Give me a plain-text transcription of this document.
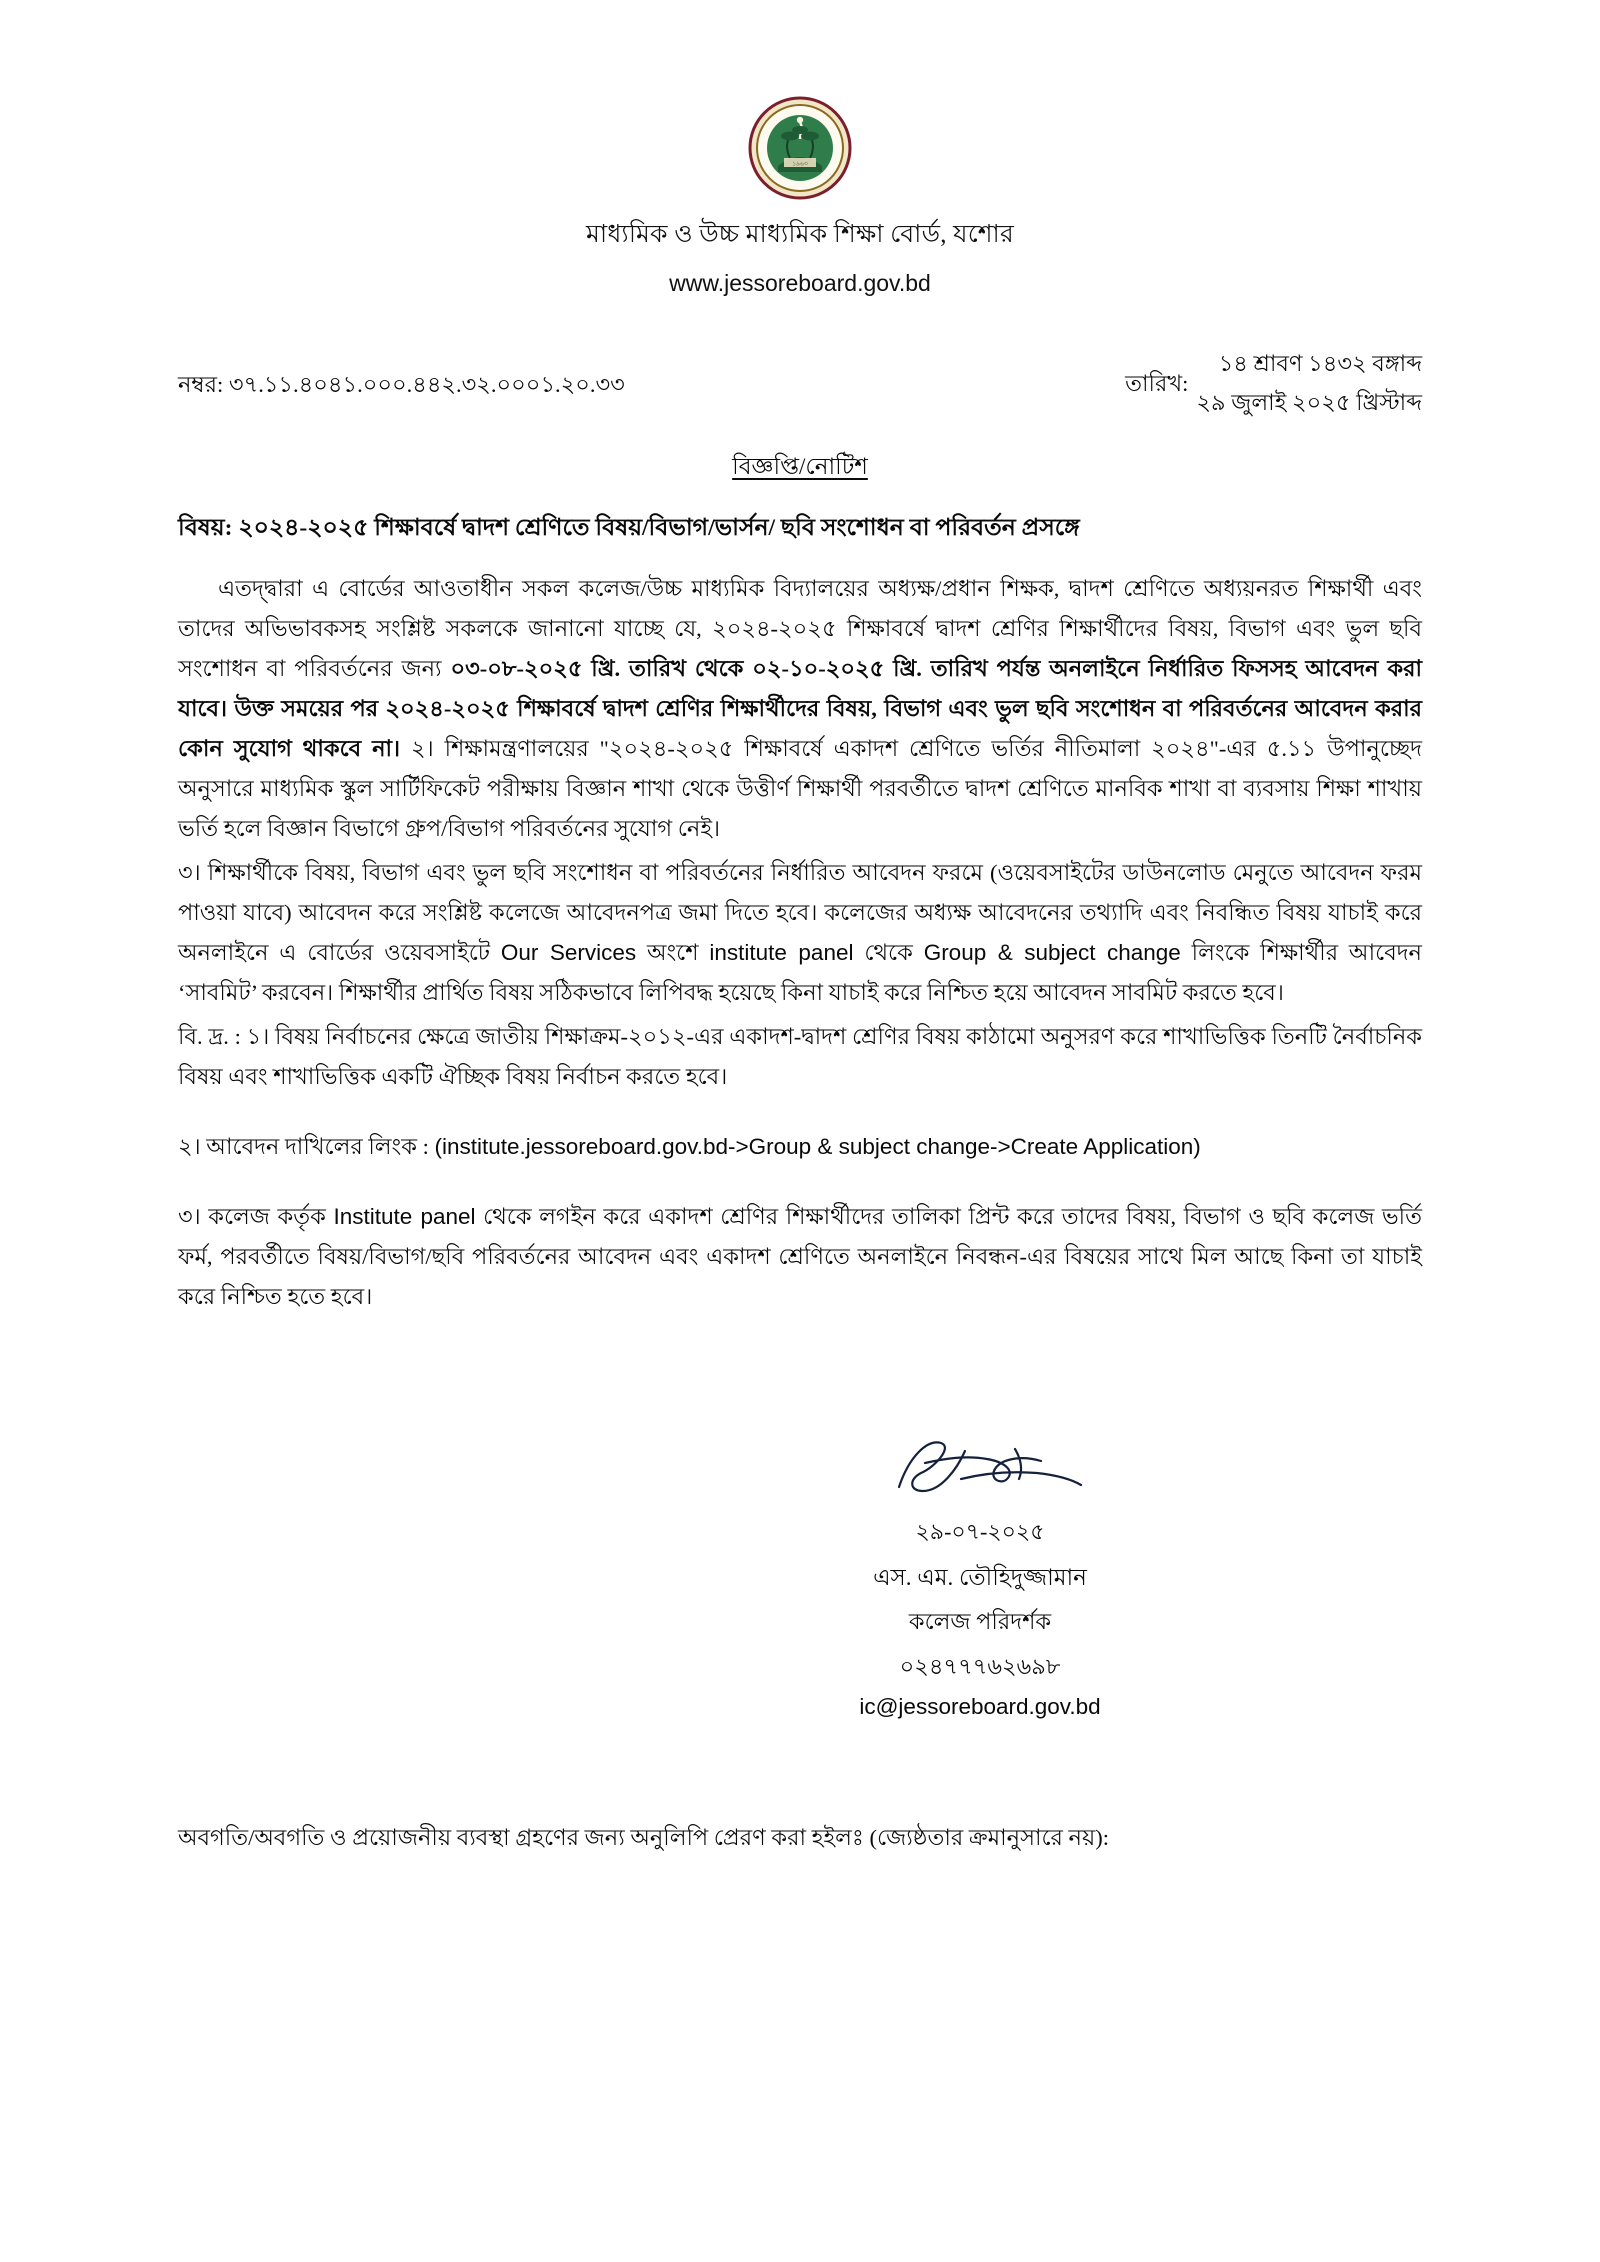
১৯৬৩
মাধ্যমিক ও উচ্চ মাধ্যমিক শিক্ষা বোর্ড, যশোর
www.jessoreboard.gov.bd
নম্বর: ৩৭.১১.৪০৪১.০০০.৪৪২.৩২.০০০১.২০.৩৩	তারিখ:
১৪ শ্রাবণ ১৪৩২ বঙ্গাব্দ
২৯ জুলাই ২০২৫ খ্রিস্টাব্দ
বিজ্ঞপ্তি/নোটিশ
বিষয়: ২০২৪-২০২৫ শিক্ষাবর্ষে দ্বাদশ শ্রেণিতে বিষয়/বিভাগ/ভার্সন/ ছবি সংশোধন বা পরিবর্তন প্রসঙ্গে

এতদ্দ্বারা এ বোর্ডের আওতাধীন সকল কলেজ/উচ্চ মাধ্যমিক বিদ্যালয়ের অধ্যক্ষ/প্রধান শিক্ষক, দ্বাদশ শ্রেণিতে অধ্যয়নরত শিক্ষার্থী এবং তাদের অভিভাবকসহ সংশ্লিষ্ট সকলকে জানানো যাচ্ছে যে, ২০২৪-২০২৫ শিক্ষাবর্ষে দ্বাদশ শ্রেণির শিক্ষার্থীদের বিষয়, বিভাগ এবং ভুল ছবি সংশোধন বা পরিবর্তনের জন্য ০৩-০৮-২০২৫ খ্রি. তারিখ থেকে ০২-১০-২০২৫ খ্রি. তারিখ পর্যন্ত অনলাইনে নির্ধারিত ফিসসহ আবেদন করা যাবে। উক্ত সময়ের পর ২০২৪-২০২৫ শিক্ষাবর্ষে দ্বাদশ শ্রেণির শিক্ষার্থীদের বিষয়, বিভাগ এবং ভুল ছবি সংশোধন বা পরিবর্তনের আবেদন করার কোন সুযোগ থাকবে না। ২। শিক্ষামন্ত্রণালয়ের "২০২৪-২০২৫ শিক্ষাবর্ষে একাদশ শ্রেণিতে ভর্তির নীতিমালা ২০২৪"-এর ৫.১১ উপানুচ্ছেদ অনুসারে মাধ্যমিক স্কুল সার্টিফিকেট পরীক্ষায় বিজ্ঞান শাখা থেকে উত্তীর্ণ শিক্ষার্থী পরবর্তীতে দ্বাদশ শ্রেণিতে মানবিক শাখা বা ব্যবসায় শিক্ষা শাখায় ভর্তি হলে বিজ্ঞান বিভাগে গ্রুপ/বিভাগ পরিবর্তনের সুযোগ নেই।

৩। শিক্ষার্থীকে বিষয়, বিভাগ এবং ভুল ছবি সংশোধন বা পরিবর্তনের নির্ধারিত আবেদন ফরমে (ওয়েবসাইটের ডাউনলোড মেনুতে আবেদন ফরম পাওয়া যাবে) আবেদন করে সংশ্লিষ্ট কলেজে আবেদনপত্র জমা দিতে হবে। কলেজের অধ্যক্ষ আবেদনের তথ্যাদি এবং নিবন্ধিত বিষয় যাচাই করে অনলাইনে এ বোর্ডের ওয়েবসাইটে Our Services অংশে institute panel থেকে Group & subject change লিংকে শিক্ষার্থীর আবেদন ‘সাবমিট’ করবেন। শিক্ষার্থীর প্রার্থিত বিষয় সঠিকভাবে লিপিবদ্ধ হয়েছে কিনা যাচাই করে নিশ্চিত হয়ে আবেদন সাবমিট করতে হবে।

বি. দ্র. : ১। বিষয় নির্বাচনের ক্ষেত্রে জাতীয় শিক্ষাক্রম-২০১২-এর একাদশ-দ্বাদশ শ্রেণির বিষয় কাঠামো অনুসরণ করে শাখাভিত্তিক তিনটি নৈর্বাচনিক বিষয় এবং শাখাভিত্তিক একটি ঐচ্ছিক বিষয় নির্বাচন করতে হবে।

২। আবেদন দাখিলের লিংক : (institute.jessoreboard.gov.bd->Group & subject change->Create Application)

৩। কলেজ কর্তৃক Institute panel থেকে লগইন করে একাদশ শ্রেণির শিক্ষার্থীদের তালিকা প্রিন্ট করে তাদের বিষয়, বিভাগ ও ছবি কলেজ ভর্তি ফর্ম, পরবর্তীতে বিষয়/বিভাগ/ছবি পরিবর্তনের আবেদন এবং একাদশ শ্রেণিতে অনলাইনে নিবন্ধন-এর বিষয়ের সাথে মিল আছে কিনা তা যাচাই করে নিশ্চিত হতে হবে।

২৯-০৭-২০২৫
এস. এম. তৌহিদুজ্জামান
কলেজ পরিদর্শক
০২৪৭৭৭৬২৬৯৮
ic@jessoreboard.gov.bd
অবগতি/অবগতি ও প্রয়োজনীয় ব্যবস্থা গ্রহণের জন্য অনুলিপি প্রেরণ করা হইলঃ (জ্যেষ্ঠতার ক্রমানুসারে নয়):
